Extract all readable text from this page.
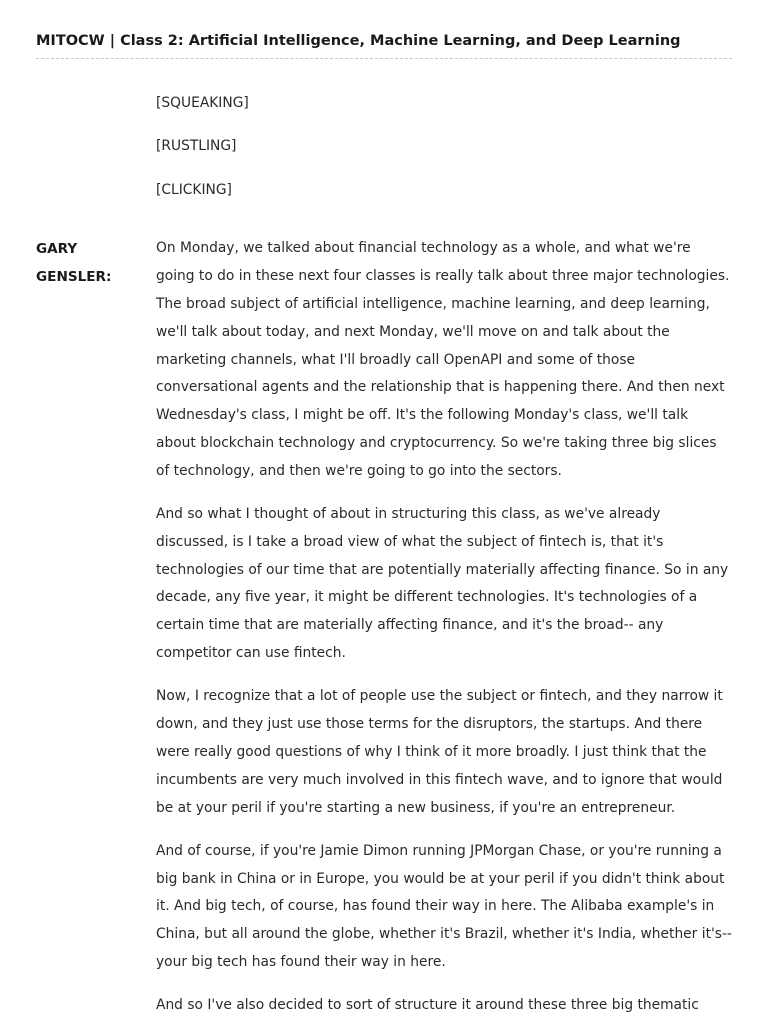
MITOCW | Class 2: Artificial Intelligence, Machine Learning, and Deep Learning
[SQUEAKING]
[RUSTLING]
[CLICKING]
GARY GENSLER:
On Monday, we talked about financial technology as a whole, and what we're going to do in these next four classes is really talk about three major technologies. The broad subject of artificial intelligence, machine learning, and deep learning, we'll talk about today, and next Monday, we'll move on and talk about the marketing channels, what I'll broadly call OpenAPI and some of those conversational agents and the relationship that is happening there. And then next Wednesday's class, I might be off. It's the following Monday's class, we'll talk about blockchain technology and cryptocurrency. So we're taking three big slices of technology, and then we're going to go into the sectors.
And so what I thought of about in structuring this class, as we've already discussed, is I take a broad view of what the subject of fintech is, that it's technologies of our time that are potentially materially affecting finance. So in any decade, any five year, it might be different technologies. It's technologies of a certain time that are materially affecting finance, and it's the broad-- any competitor can use fintech.
Now, I recognize that a lot of people use the subject or fintech, and they narrow it down, and they just use those terms for the disruptors, the startups. And there were really good questions of why I think of it more broadly. I just think that the incumbents are very much involved in this fintech wave, and to ignore that would be at your peril if you're starting a new business, if you're an entrepreneur.
And of course, if you're Jamie Dimon running JPMorgan Chase, or you're running a big bank in China or in Europe, you would be at your peril if you didn't think about it. And big tech, of course, has found their way in here. The Alibaba example's in China, but all around the globe, whether it's Brazil, whether it's India, whether it's-- your big tech has found their way in here.
And so I've also decided to sort of structure it around these three big thematic
